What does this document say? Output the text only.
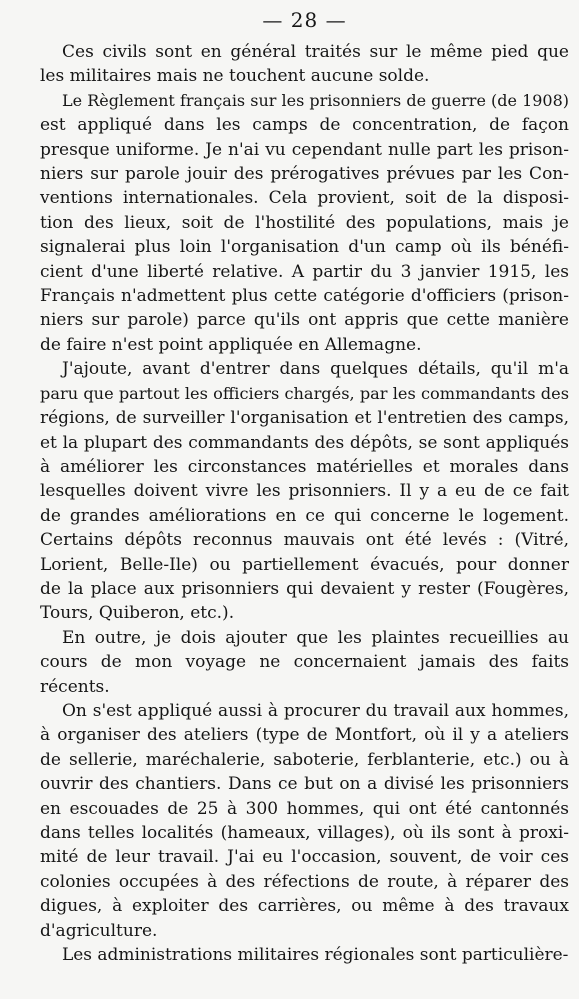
— 28 —

Ces civils sont en général traités sur le même pied que
les militaires mais ne touchent aucune solde.

Le Règlement français sur les prisonniers de guerre (de 1908)
est appliqué dans les camps de concentration, de façon
presque uniforme. Je n'ai vu cependant nulle part les prison-
niers sur parole jouir des prérogatives prévues par les Con-
ventions internationales. Cela provient, soit de la disposi-
tion des lieux, soit de l'hostilité des populations, mais je
signalerai plus loin l'organisation d'un camp où ils bénéfi-
cient d'une liberté relative. A partir du 3 janvier 1915, les
Français n'admettent plus cette catégorie d'officiers (prison-
niers sur parole) parce qu'ils ont appris que cette manière
de faire n'est point appliquée en Allemagne.

J'ajoute, avant d'entrer dans quelques détails, qu'il m'a
paru que partout les officiers chargés, par les commandants des
régions, de surveiller l'organisation et l'entretien des camps,
et la plupart des commandants des dépôts, se sont appliqués
à améliorer les circonstances matérielles et morales dans
lesquelles doivent vivre les prisonniers. Il y a eu de ce fait
de grandes améliorations en ce qui concerne le logement.
Certains dépôts reconnus mauvais ont été levés : (Vitré,
Lorient, Belle-Ile) ou partiellement évacués, pour donner
de la place aux prisonniers qui devaient y rester (Fougères,
Tours, Quiberon, etc.).

En outre, je dois ajouter que les plaintes recueillies au
cours de mon voyage ne concernaient jamais des faits
récents.

On s'est appliqué aussi à procurer du travail aux hommes,
à organiser des ateliers (type de Montfort, où il y a ateliers
de sellerie, maréchalerie, saboterie, ferblanterie, etc.) ou à
ouvrir des chantiers. Dans ce but on a divisé les prisonniers
en escouades de 25 à 300 hommes, qui ont été cantonnés
dans telles localités (hameaux, villages), où ils sont à proxi-
mité de leur travail. J'ai eu l'occasion, souvent, de voir ces
colonies occupées à des réfections de route, à réparer des
digues, à exploiter des carrières, ou même à des travaux
d'agriculture.

Les administrations militaires régionales sont particulière-
